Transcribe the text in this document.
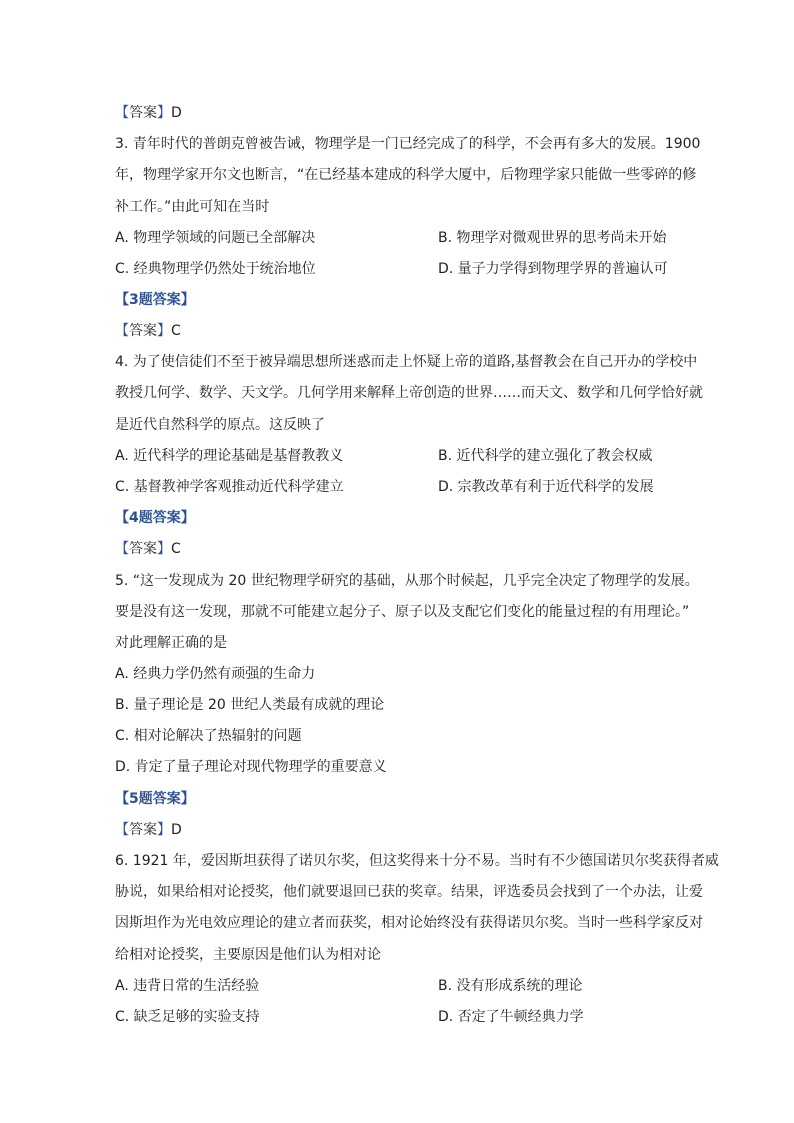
【答案】D
3. 青年时代的普朗克曾被告诫，物理学是一门已经完成了的科学，不会再有多大的发展。1900
年，物理学家开尔文也断言，“在已经基本建成的科学大厦中，后物理学家只能做一些零碎的修
补工作。”由此可知在当时
A. 物理学领域的问题已全部解决	B. 物理学对微观世界的思考尚未开始
C. 经典物理学仍然处于统治地位	D. 量子力学得到物理学界的普遍认可
【3题答案】
【答案】C
4. 为了使信徒们不至于被异端思想所迷惑而走上怀疑上帝的道路,基督教会在自己开办的学校中
教授几何学、数学、天文学。几何学用来解释上帝创造的世界……而天文、数学和几何学恰好就
是近代自然科学的原点。这反映了
A. 近代科学的理论基础是基督教教义	B. 近代科学的建立强化了教会权威
C. 基督教神学客观推动近代科学建立	D. 宗教改革有利于近代科学的发展
【4题答案】
【答案】C
5. “这一发现成为 20 世纪物理学研究的基础，从那个时候起，几乎完全决定了物理学的发展。
要是没有这一发现，那就不可能建立起分子、原子以及支配它们变化的能量过程的有用理论。”
对此理解正确的是
A. 经典力学仍然有顽强的生命力
B. 量子理论是 20 世纪人类最有成就的理论
C. 相对论解决了热辐射的问题
D. 肯定了量子理论对现代物理学的重要意义
【5题答案】
【答案】D
6. 1921 年，爱因斯坦获得了诺贝尔奖，但这奖得来十分不易。当时有不少德国诺贝尔奖获得者威
胁说，如果给相对论授奖，他们就要退回已获的奖章。结果，评选委员会找到了一个办法，让爱
因斯坦作为光电效应理论的建立者而获奖，相对论始终没有获得诺贝尔奖。当时一些科学家反对
给相对论授奖，主要原因是他们认为相对论
A. 违背日常的生活经验	B. 没有形成系统的理论
C. 缺乏足够的实验支持	D. 否定了牛顿经典力学
